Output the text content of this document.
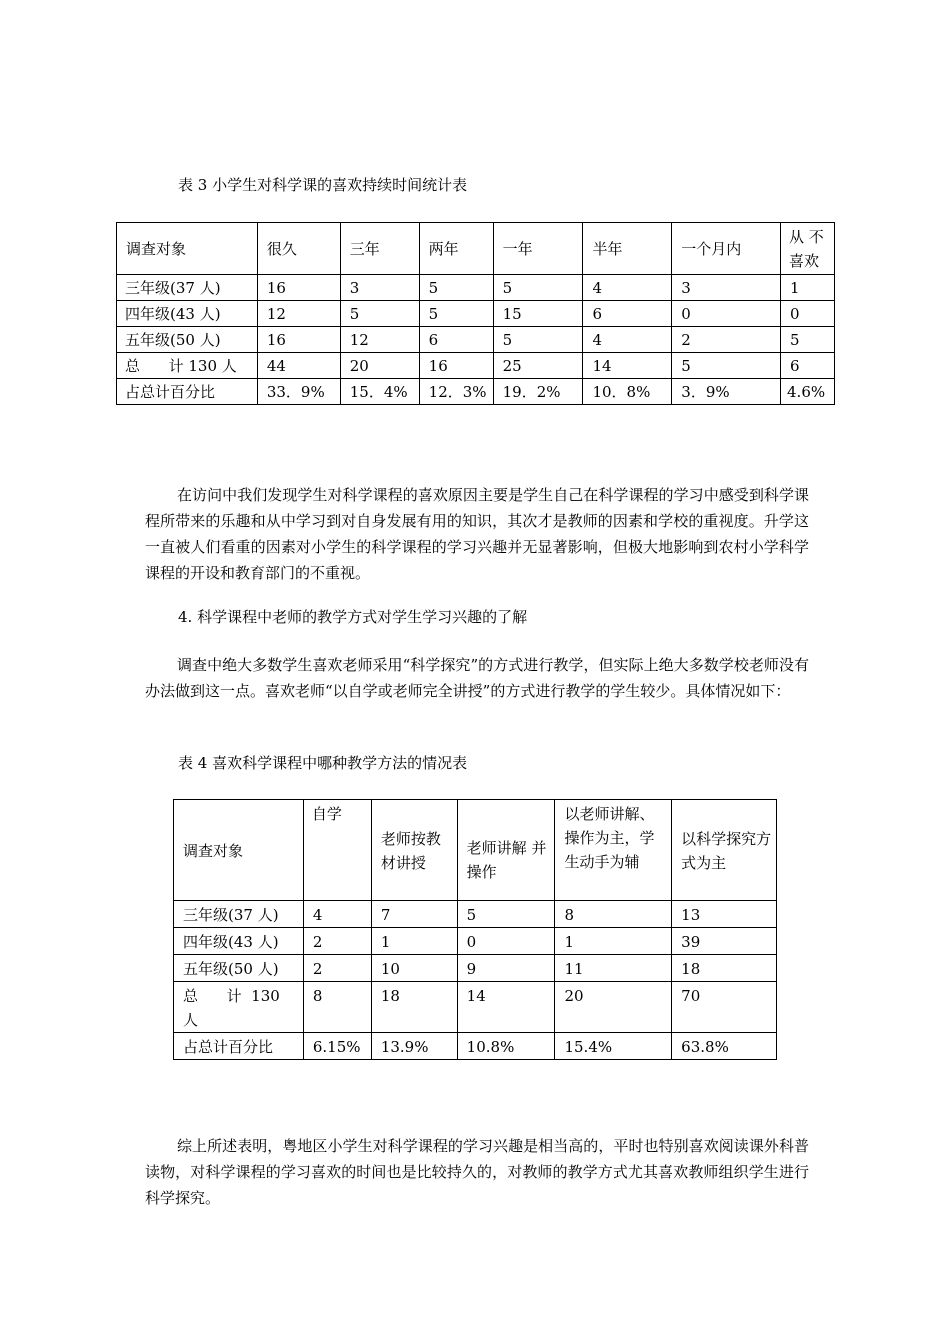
表 3 小学生对科学课的喜欢持续时间统计表
调查对象	很久	三年	两年	一年	半年	一个月内	从 不 喜欢
三年级(37 人)	16	3	5	5	4	3	1
四年级(43 人)	12	5	5	15	6	0	0
五年级(50 人)	16	12	6	5	4	2	5
总      计 130 人	44	20	16	25	14	5	6
占总计百分比	33．9%	15．4%	12．3%	19．2%	10．8%	3．9%	4.6%
在访问中我们发现学生对科学课程的喜欢原因主要是学生自己在科学课程的学习中感受到科学课程所带来的乐趣和从中学习到对自身发展有用的知识，其次才是教师的因素和学校的重视度。升学这一直被人们看重的因素对小学生的科学课程的学习兴趣并无显著影响，但极大地影响到农村小学科学课程的开设和教育部门的不重视。
4. 科学课程中老师的教学方式对学生学习兴趣的了解
调查中绝大多数学生喜欢老师采用“科学探究”的方式进行教学，但实际上绝大多数学校老师没有办法做到这一点。喜欢老师“以自学或老师完全讲授”的方式进行教学的学生较少。具体情况如下：
表 4 喜欢科学课程中哪种教学方法的情况表
调查对象	自学	老师按教材讲授	老师讲解 并操作	以老师讲解、操作为主，学生动手为辅	以科学探究方式为主
三年级(37 人)	4	7	5	8	13
四年级(43 人)	2	1	0	1	39
五年级(50 人)	2	10	9	11	18
总      计  130 人	8	18	14	20	70
占总计百分比	6.15%	13.9%	10.8%	15.4%	63.8%
综上所述表明，粤地区小学生对科学课程的学习兴趣是相当高的，平时也特别喜欢阅读课外科普读物，对科学课程的学习喜欢的时间也是比较持久的，对教师的教学方式尤其喜欢教师组织学生进行科学探究。
